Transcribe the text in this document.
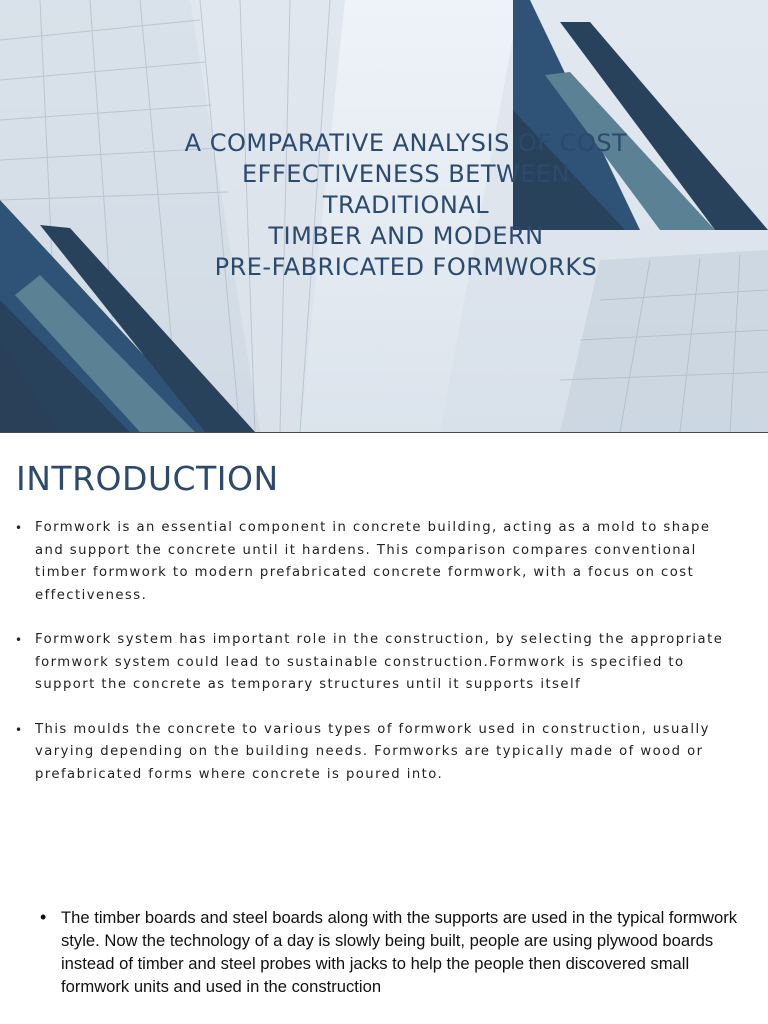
A COMPARATIVE ANALYSIS OF COST
EFFECTIVENESS BETWEEN
TRADITIONAL
TIMBER AND MODERN
PRE-FABRICATED FORMWORKS
INTRODUCTION
• Formwork is an essential component in concrete building, acting as a mold to shape and support the concrete until it hardens. This comparison compares conventional timber formwork to modern prefabricated concrete formwork, with a focus on cost effectiveness.
• Formwork system has important role in the construction, by selecting the appropriate formwork system could lead to sustainable construction.Formwork is specified to support the concrete as temporary structures until it supports itself
• This moulds the concrete to various types of formwork used in construction, usually varying depending on the building needs. Formworks are typically made of wood or prefabricated forms where concrete is poured into.
• The timber boards and steel boards along with the supports are used in the typical formwork style. Now the technology of a day is slowly being built, people are using plywood boards instead of timber and steel probes with jacks to help the people then discovered small formwork units and used in the construction
